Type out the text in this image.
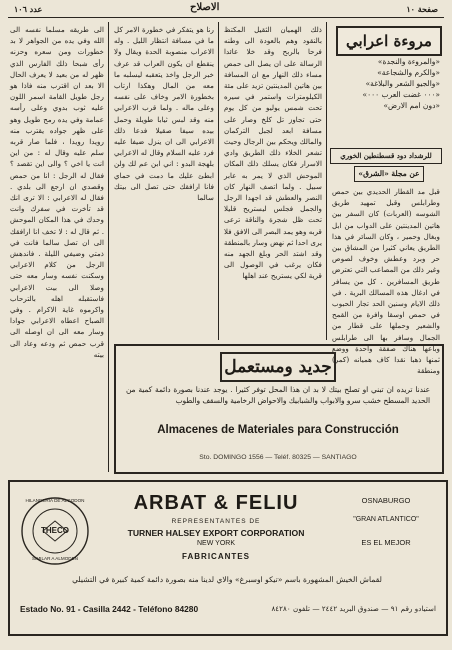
صفحة ١٠
الاصلاح
عدد ١٠٦
مروءة اعرابي
«والمروءة والنجدة»
«والكرم والشجاعة»
«والجيو الشعر والبلاغة»
«٠٠٠ غضت العرب ٠٠٠»
«دون امم الارض»
للرشداد دود قسطنطين الخوري
عن مجلة «الشرق»
قبل مد القطار الحديدي بين حمص وطرابلس وقبل تمهيد طريق الشوسه (العربات) كان السفر بين هاتين المدينتين على الدواب من ابل وبغال وحمير ، وكان السائر في هذا الطريق يعاني كثيرا من المشاق بين حر وبرد وعطش وخوف لصوص وغير ذلك من المصاعب التي تعترض طريق المسافرين . كل من يسافر في ادغال هذه المسالك البرية . في ذلك الايام وسنين الحد تجار الحبوب في حمص اوسقا وافرة من القمح والشعير وحملها على قطار من الجمال وسافر بها الى طرابلس وباعها هناك صفقة واحدة ووضع ثمنها ذهبا نقدا كاف هميانه (كمر) ومنطقة
ذلك الهميان الثقيل المكتظ بالنقود وهم بالعودة الى وطنه فرحا بالربح وقد خلا عائدا الرسالة على ان يصل الى حمص مساء ذلك النهار مع ان المسافة بين هاتين المدينتين تزيد على مئة الكيلومترات واستمر في سيره تحت شمس يوليو من كل يوم حتى تجاوز تل كلخ وصار على مسافة ابعد لجبل التركمان والمالك ويحكم بين الرجال وحيث تشعر الخلاء ذلك الطريق وادي الاسرار فكان يسلك ذلك المكان الموحش الذي لا يمر به عابر سبيل . ولما اتصف النهار كان النصر والعطش قد اجهدا الرجل والجمل فجلس ليستريح قليلا تحت ظل شجرة والناقة ترعى قربه وهو يمد البصر الى الافق فلا يرى احدا ثم نهض وسار بالمنطقة وقد اشتد الحر وبلغ الجهد منه فكان يرغب في الوصول الى قرية لكي يستريح عند اهلها
رنا هو يتفكر في خطورة الامر كل ما في مسافة انتظار الليل . وله الاعراب منصوبة الحدة ويقال ولا ينقطع ان يكون العراب قد عرف خبر الرجل واخذ يتعقبه ليسلبه ما معه من المال وهكذا ارتاب بخطورة الامر وخاف على نفسه وعلى ماله . ولما قرب الاعرابي منه وقد لبس ثيابا طويلة وحمل بيده سيفا صقيلا فدعا ذلك الاعرابي الى ان ينزل ضيفا عليه فرد عليه السلام وقال له الاعرابي بلهجة البدو : اني ابن عم لك ولن ابطئ عليك ما دمت في حماي فانا ارافقك حتى تصل الى بيتك سالما
الى طريقه مسلما نفسه الى الله وفي يده من الجواهر لا بد خطورات ومن سعره وحزنه رأى شبحا ذلك الفارس الذي ظهر له من بعيد لا يعرف الحال الا بعد ان اقترب منه فاذا هو رجل طويل القامة اسمر اللون عليه ثوب بدوي وعلى رأسه عمامة وفي يده رمح طويل وهو على ظهر جواده يقترب منه رويدا رويدا ، فلما صار قربه سلم عليه وقال له : من اين انت يا اخي ؟ والى اين تقصد ؟ فقال له الرجل : انا من حمص وقصدي ان ارجع الى بلدي . فقال له الاعرابي : الا ترى انك قد تأخرت في سفرك وانت وحدك في هذا المكان الموحش . ثم قال له : لا تخف انا ارافقك الى ان تصل سالما فانت في ذمتي وضيفي الليلة . فاندهش الرجل من كلام الاعرابي وسكنت نفسه وسار معه حتى وصلا الى بيت الاعرابي فاستقبله اهله بالترحاب واكرموه غاية الاكرام . وفي الصباح اعطاه الاعرابي جوادا وسار معه الى ان اوصله الى قرب حمص ثم ودعه وعاد الى بيته
جديد ومستعمل
عندنا تريده ان تبني او تصلح بيتك لا بد ان هذا المحل توفر كثيرا . يوجد عندنا بصورة دائمة كمية من الحديد المسطح خشب سرو والابواب والشبابيك والاحواض الرخامية والسقف والطوب
Almacenes de Materiales para Construcción
Sto. DOMINGO 1556 — Teléf. 80325 — SANTIAGO
HILANDERIA DE ALGODON
THECO
SIMILAR A ALMODEN
ARBAT & FELIU
REPRESENTANTES DE
TURNER HALSEY EXPORT CORPORATION
NEW YORK
FABRICANTES
OSNABURGO
"GRAN ATLANTICO"
ES EL MEJOR
لقماش الخيش المشهورة باسم «تيكو اوسبرغ» والاي لدينا منه بصورة دائمة كمية كبيرة في التشيلي
Estado No. 91 - Casilla 2442 - Teléfono 84280	استيادو رقم ٩١ — صندوق البريد ٢٤٤٢ — تلفون ٨٤٢٨٠
